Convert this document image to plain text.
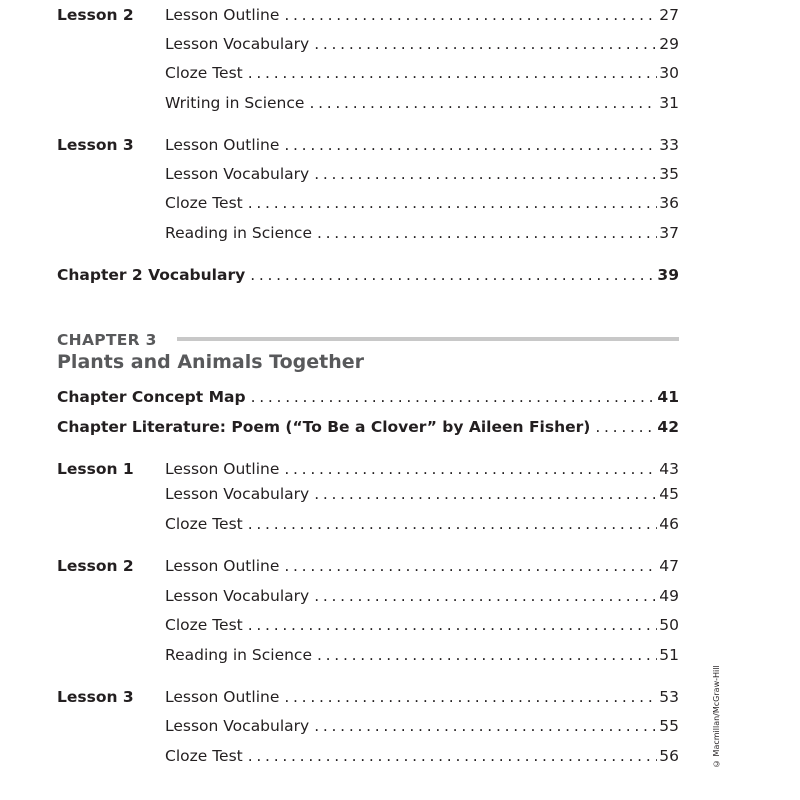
Lesson 2	Lesson Outline . . .	27
Lesson Vocabulary . . .	29
Cloze Test . . .	30
Writing in Science . . .	31
Lesson 3	Lesson Outline . . .	33
Lesson Vocabulary . . .	35
Cloze Test . . .	36
Reading in Science . . .	37
Chapter 2 Vocabulary . . .	39
CHAPTER 3
Plants and Animals Together
Chapter Concept Map . . .	41
Chapter Literature: Poem (“To Be a Clover” by Aileen Fisher) . . .	42
Lesson 1	Lesson Outline . . .	43
Lesson Vocabulary . . .	45
Cloze Test . . .	46
Lesson 2	Lesson Outline . . .	47
Lesson Vocabulary . . .	49
Cloze Test . . .	50
Reading in Science . . .	51
Lesson 3	Lesson Outline . . .	53
Lesson Vocabulary . . .	55
Cloze Test . . .	56	© Macmillan/McGraw-Hill
